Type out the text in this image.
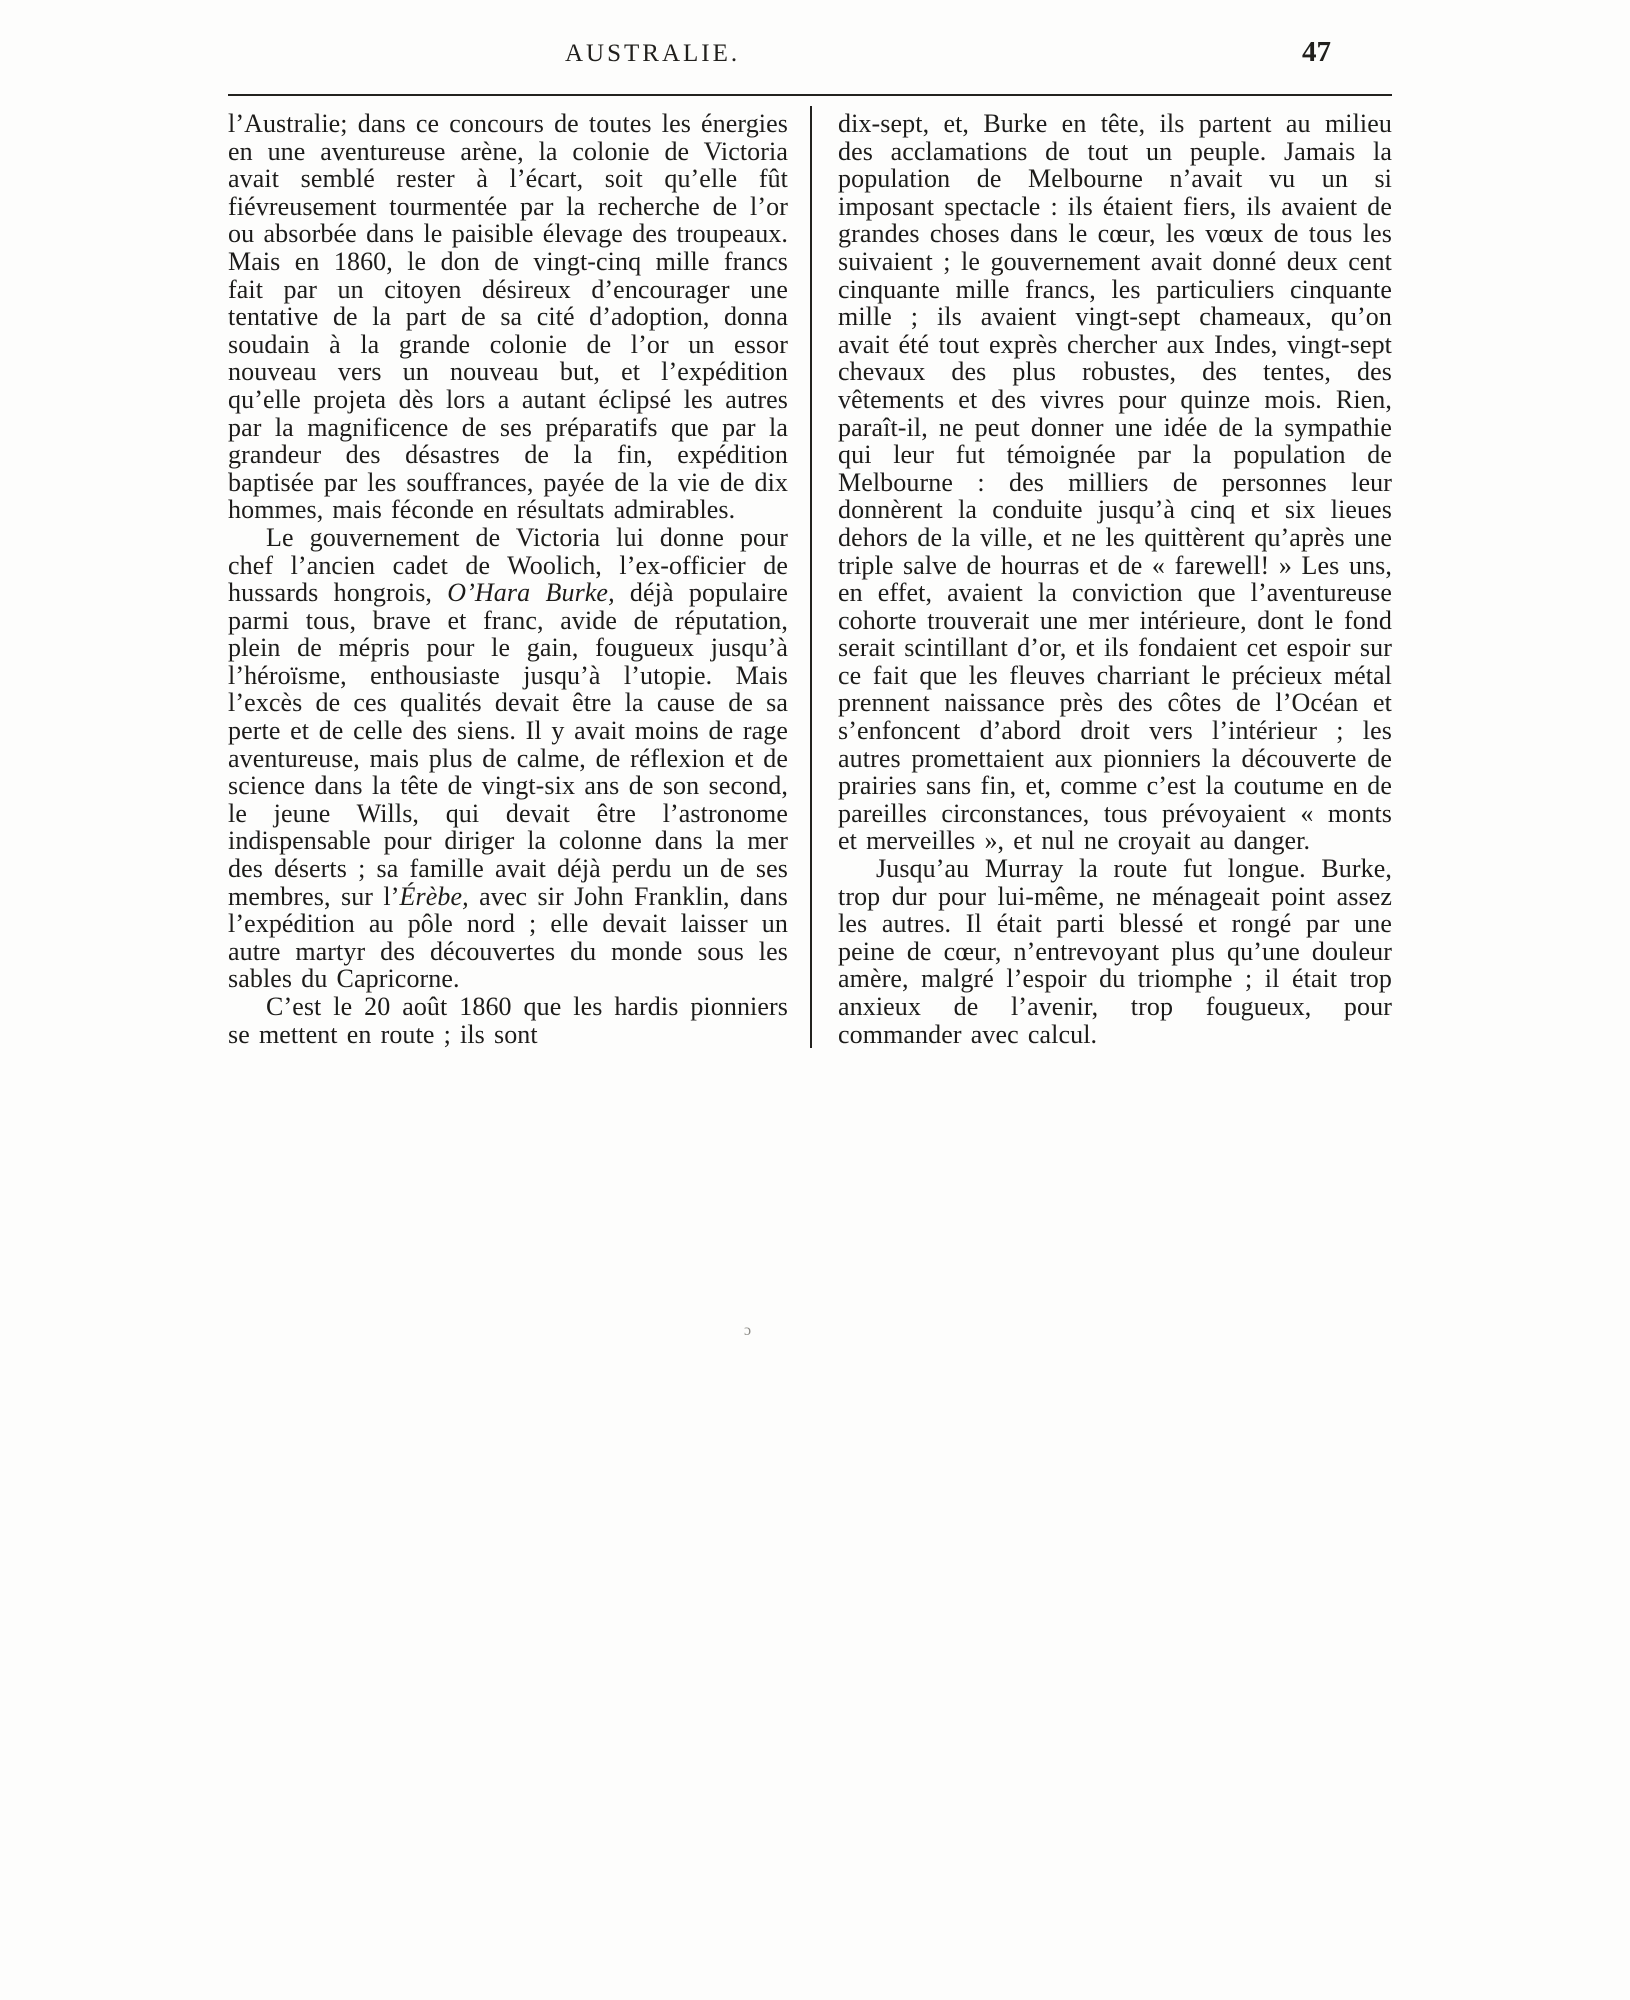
AUSTRALIE.	47

l’Australie; dans ce concours de toutes les énergies en une aventureuse arène, la colonie de Victoria avait semblé rester à l’écart, soit qu’elle fût fiévreusement tourmentée par la recherche de l’or ou absorbée dans le paisible élevage des troupeaux. Mais en 1860, le don de vingt-cinq mille francs fait par un citoyen désireux d’encourager une tentative de la part de sa cité d’adoption, donna soudain à la grande colonie de l’or un essor nouveau vers un nouveau but, et l’expédition qu’elle projeta dès lors a autant éclipsé les autres par la magnificence de ses préparatifs que par la grandeur des désastres de la fin, expédition baptisée par les souffrances, payée de la vie de dix hommes, mais féconde en résultats admirables.

Le gouvernement de Victoria lui donne pour chef l’ancien cadet de Woolich, l’ex-officier de hussards hongrois, O’Hara Burke, déjà populaire parmi tous, brave et franc, avide de réputation, plein de mépris pour le gain, fougueux jusqu’à l’héroïsme, enthousiaste jusqu’à l’utopie. Mais l’excès de ces qualités devait être la cause de sa perte et de celle des siens. Il y avait moins de rage aventureuse, mais plus de calme, de réflexion et de science dans la tête de vingt-six ans de son second, le jeune Wills, qui devait être l’astronome indispensable pour diriger la colonne dans la mer des déserts ; sa famille avait déjà perdu un de ses membres, sur l’Érèbe, avec sir John Franklin, dans l’expédition au pôle nord ; elle devait laisser un autre martyr des découvertes du monde sous les sables du Capricorne.

C’est le 20 août 1860 que les hardis pionniers se mettent en route ; ils sont

dix-sept, et, Burke en tête, ils partent au milieu des acclamations de tout un peuple. Jamais la population de Melbourne n’avait vu un si imposant spectacle : ils étaient fiers, ils avaient de grandes choses dans le cœur, les vœux de tous les suivaient ; le gouvernement avait donné deux cent cinquante mille francs, les particuliers cinquante mille ; ils avaient vingt-sept chameaux, qu’on avait été tout exprès chercher aux Indes, vingt-sept chevaux des plus robustes, des tentes, des vêtements et des vivres pour quinze mois. Rien, paraît-il, ne peut donner une idée de la sympathie qui leur fut témoignée par la population de Melbourne : des milliers de personnes leur donnèrent la conduite jusqu’à cinq et six lieues dehors de la ville, et ne les quittèrent qu’après une triple salve de hourras et de « farewell! » Les uns, en effet, avaient la conviction que l’aventureuse cohorte trouverait une mer intérieure, dont le fond serait scintillant d’or, et ils fondaient cet espoir sur ce fait que les fleuves charriant le précieux métal prennent naissance près des côtes de l’Océan et s’enfoncent d’abord droit vers l’intérieur ; les autres promettaient aux pionniers la découverte de prairies sans fin, et, comme c’est la coutume en de pareilles circonstances, tous prévoyaient « monts et merveilles », et nul ne croyait au danger.

Jusqu’au Murray la route fut longue. Burke, trop dur pour lui-même, ne ménageait point assez les autres. Il était parti blessé et rongé par une peine de cœur, n’entrevoyant plus qu’une douleur amère, malgré l’espoir du triomphe ; il était trop anxieux de l’avenir, trop fougueux, pour commander avec calcul.

ɔ
